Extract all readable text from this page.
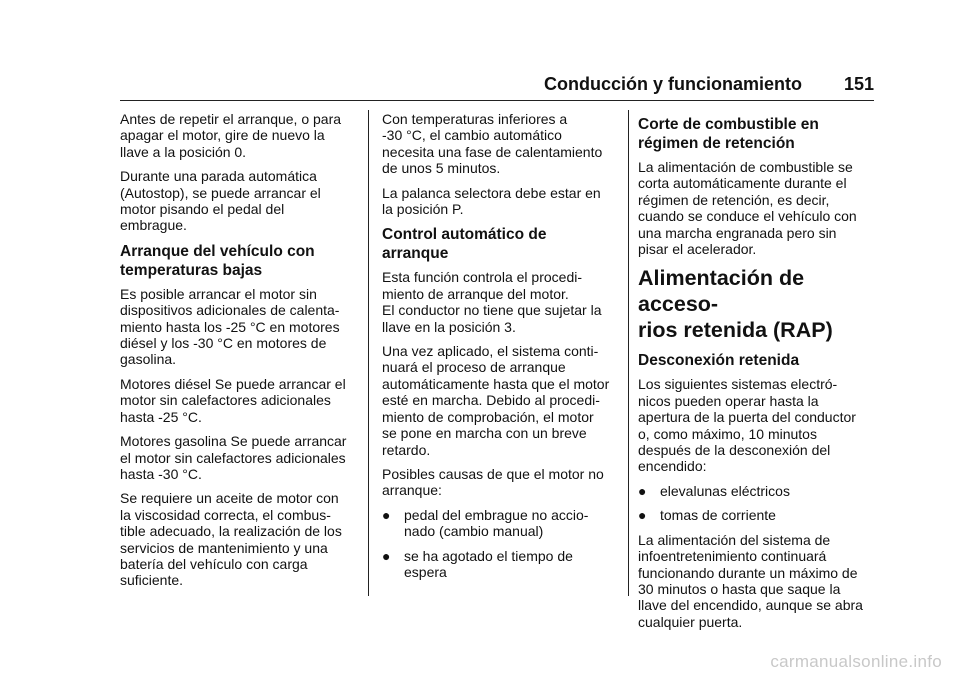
Conducción y funcionamiento 151

Antes de repetir el arranque, o para
apagar el motor, gire de nuevo la
llave a la posición 0.

Durante una parada automática
(Autostop), se puede arrancar el
motor pisando el pedal del
embrague.

Arranque del vehículo con
temperaturas bajas

Es posible arrancar el motor sin
dispositivos adicionales de calenta-
miento hasta los -25 °C en motores
diésel y los -30 °C en motores de
gasolina.

Motores diésel Se puede arrancar el
motor sin calefactores adicionales
hasta -25 °C.

Motores gasolina Se puede arrancar
el motor sin calefactores adicionales
hasta -30 °C.

Se requiere un aceite de motor con
la viscosidad correcta, el combus-
tible adecuado, la realización de los
servicios de mantenimiento y una
batería del vehículo con carga
suficiente.

Con temperaturas inferiores a
-30 °C, el cambio automático
necesita una fase de calentamiento
de unos 5 minutos.

La palanca selectora debe estar en
la posición P.

Control automático de
arranque

Esta función controla el procedi-
miento de arranque del motor.
El conductor no tiene que sujetar la
llave en la posición 3.

Una vez aplicado, el sistema conti-
nuará el proceso de arranque
automáticamente hasta que el motor
esté en marcha. Debido al procedi-
miento de comprobación, el motor
se pone en marcha con un breve
retardo.

Posibles causas de que el motor no
arranque:

● pedal del embrague no accio-
nado (cambio manual)
● se ha agotado el tiempo de
espera
Corte de combustible en
régimen de retención

La alimentación de combustible se
corta automáticamente durante el
régimen de retención, es decir,
cuando se conduce el vehículo con
una marcha engranada pero sin
pisar el acelerador.

Alimentación de acceso-
rios retenida (RAP)
Desconexión retenida

Los siguientes sistemas electró-
nicos pueden operar hasta la
apertura de la puerta del conductor
o, como máximo, 10 minutos
después de la desconexión del
encendido:

● elevalunas eléctricos
● tomas de corriente

La alimentación del sistema de
infoentretenimiento continuará
funcionando durante un máximo de
30 minutos o hasta que saque la
llave del encendido, aunque se abra
cualquier puerta.

carmanualsonline.info
